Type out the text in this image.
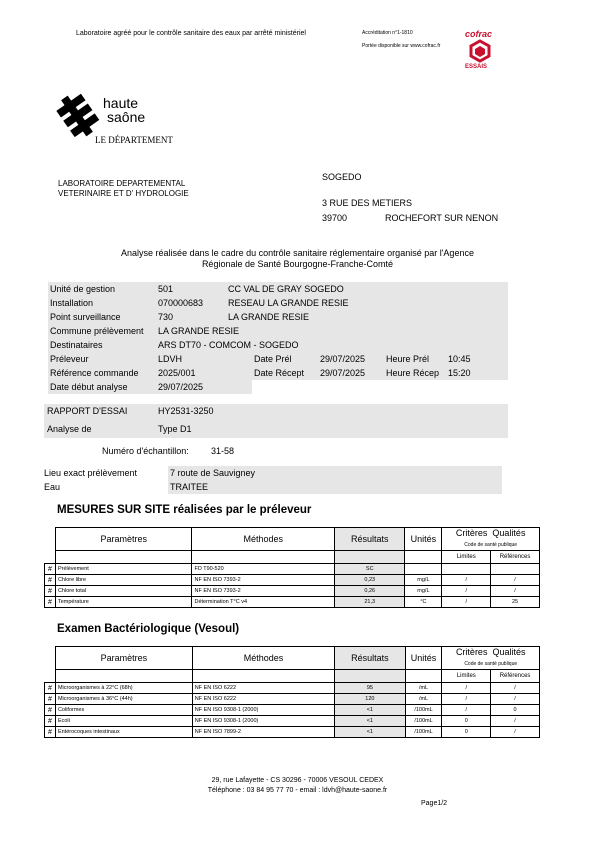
Laboratoire agréé pour le contrôle sanitaire des eaux par arrêté ministériel	Accréditation n°1-1810
Portée disponible sur www.cofrac.fr
cofrac
ESSAIS
haute
saône
LE DÉPARTEMENT
LABORATOIRE DEPARTEMENTAL
VETERINAIRE ET D' HYDROLOGIE
SOGEDO
3 RUE DES METIERS
39700	ROCHEFORT SUR NENON
Analyse réalisée dans le cadre du contrôle sanitaire réglementaire organisé par l'Agence
Régionale de Santé Bourgogne-Franche-Comté
Unité de gestion	501	CC VAL DE GRAY SOGEDO				
Installation	070000683	RESEAU LA GRANDE RESIE				
Point surveillance	730	LA GRANDE RESIE				
Commune prélèvement	LA GRANDE RESIE					
Destinataires	ARS DT70 - COMCOM - SOGEDO					
Préleveur	LDVH		Date Prél	29/07/2025	Heure Prél	10:45
Référence commande	2025/001		Date Récept	29/07/2025	Heure Récep	15:20
Date début analyse	29/07/2025					
RAPPORT D'ESSAI	HY2531-3250
Analyse de	Type D1
Numéro d'échantillon: 31-58
Lieu exact prélèvement	7 route de Sauvigney
Eau	TRAITEE
MESURES SUR SITE réalisées par le préleveur
	Paramètres	Méthodes	Résultats	Unités	Critères Qualités
Code de santé publique	
					Limites	Références
#	Prélèvement	FD T90-520	SC			
#	Chlore libre	NF EN ISO 7393-2	0,23	mg/L	/	/
#	Chlore total	NF EN ISO 7393-2	0,26	mg/L	/	/
#	Température	Détermination T°C v4	21,3	°C	/	25
Examen Bactériologique (Vesoul)
	Paramètres	Méthodes	Résultats	Unités	Critères Qualités
Code de santé publique	
					Limites	Références
#	Microorganismes à 22°C (68h)	NF EN ISO 6222	95	/mL	/	/
#	Microorganismes à 36°C (44h)	NF EN ISO 6222	120	/mL	/	/
#	Coliformes	NF EN ISO 9308-1 (2000)	<1	/100mL	/	0
#	Ecoli	NF EN ISO 9308-1 (2000)	<1	/100mL	0	/
#	Entérocoques intestinaux	NF EN ISO 7899-2	<1	/100mL	0	/
29, rue Lafayette - CS 30296 - 70006 VESOUL CEDEX
Téléphone : 03 84 95 77 70 - email : ldvh@haute-saone.fr
Page1/2
